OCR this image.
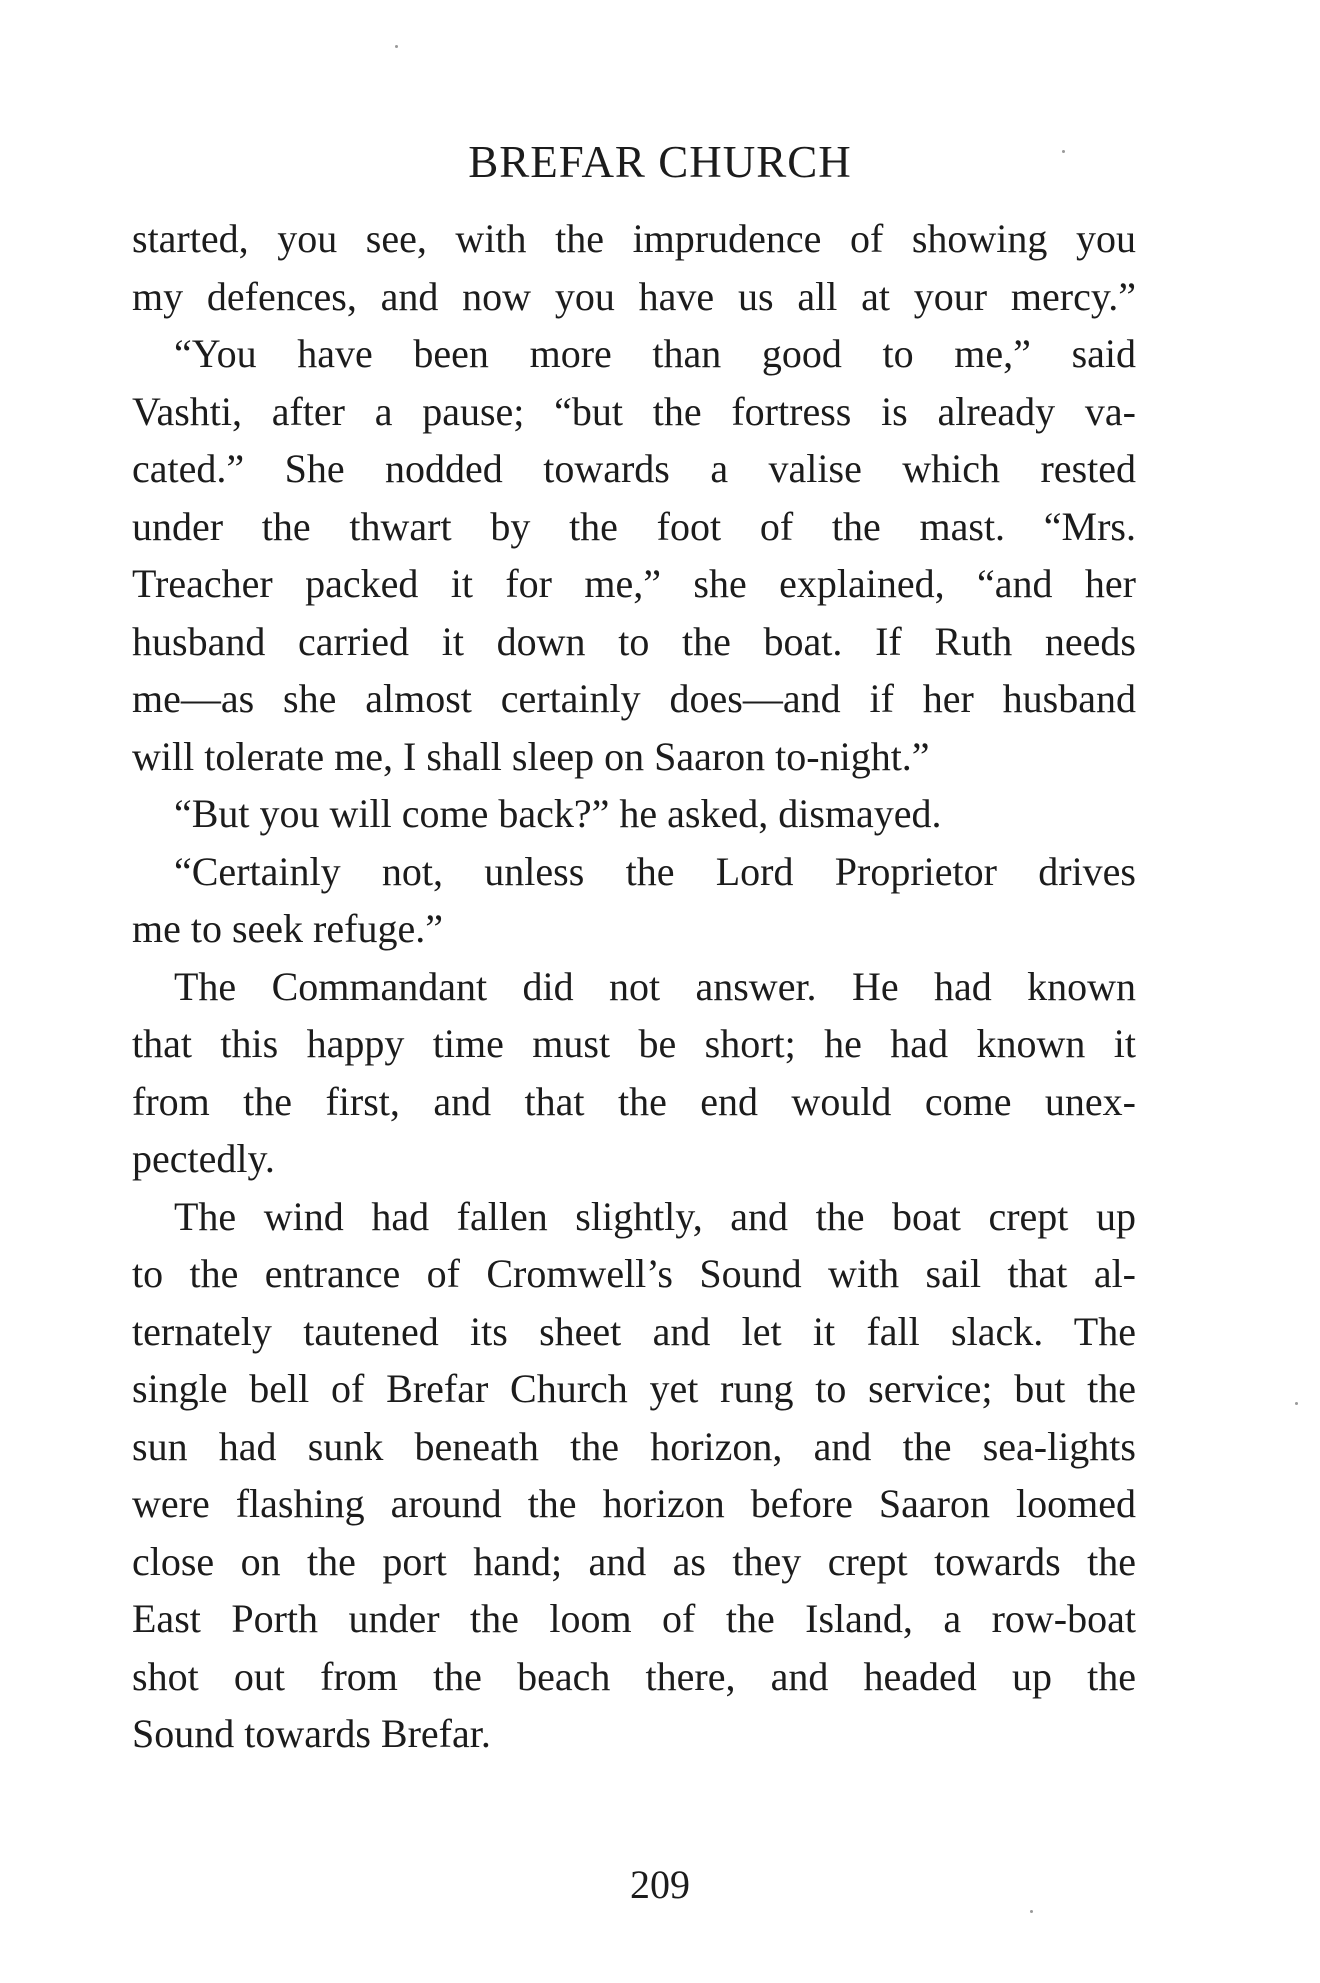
BREFAR CHURCH
started, you see, with the imprudence of showing you
my defences, and now you have us all at your mercy.”
“You have been more than good to me,” said
Vashti, after a pause; “but the fortress is already va-
cated.” She nodded towards a valise which rested
under the thwart by the foot of the mast. “Mrs.
Treacher packed it for me,” she explained, “and her
husband carried it down to the boat. If Ruth needs
me—as she almost certainly does—and if her husband
will tolerate me, I shall sleep on Saaron to-night.”
“But you will come back?” he asked, dismayed.
“Certainly not, unless the Lord Proprietor drives
me to seek refuge.”
The Commandant did not answer. He had known
that this happy time must be short; he had known it
from the first, and that the end would come unex-
pectedly.
The wind had fallen slightly, and the boat crept up
to the entrance of Cromwell’s Sound with sail that al-
ternately tautened its sheet and let it fall slack. The
single bell of Brefar Church yet rung to service; but the
sun had sunk beneath the horizon, and the sea-lights
were flashing around the horizon before Saaron loomed
close on the port hand; and as they crept towards the
East Porth under the loom of the Island, a row-boat
shot out from the beach there, and headed up the
Sound towards Brefar.
209
